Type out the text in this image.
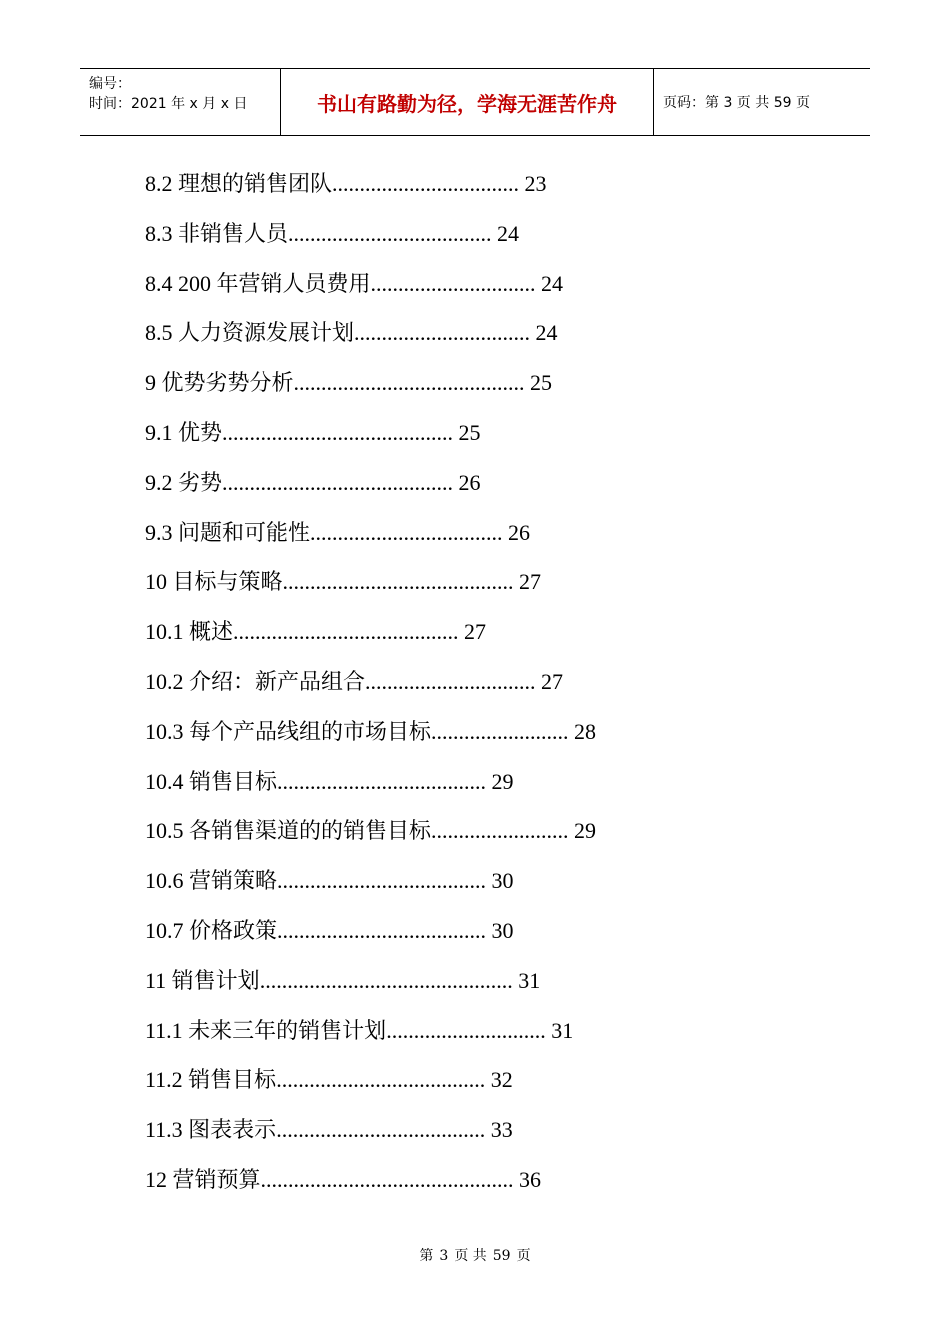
编号：
时间：2021 年 x 月 x 日	书山有路勤为径，学海无涯苦作舟	页码：第 3 页 共 59 页
8.2 理想的销售团队.................................. 23
8.3 非销售人员..................................... 24
8.4 200 年营销人员费用.............................. 24
8.5 人力资源发展计划................................ 24
9 优势劣势分析.......................................... 25
9.1 优势.......................................... 25
9.2 劣势.......................................... 26
9.3 问题和可能性................................... 26
10 目标与策略.......................................... 27
10.1 概述......................................... 27
10.2 介绍：新产品组合............................... 27
10.3 每个产品线组的市场目标......................... 28
10.4 销售目标...................................... 29
10.5 各销售渠道的的销售目标......................... 29
10.6 营销策略...................................... 30
10.7 价格政策...................................... 30
11 销售计划.............................................. 31
11.1 未来三年的销售计划............................. 31
11.2 销售目标...................................... 32
11.3 图表表示...................................... 33
12 营销预算.............................................. 36
第 3 页 共 59 页
